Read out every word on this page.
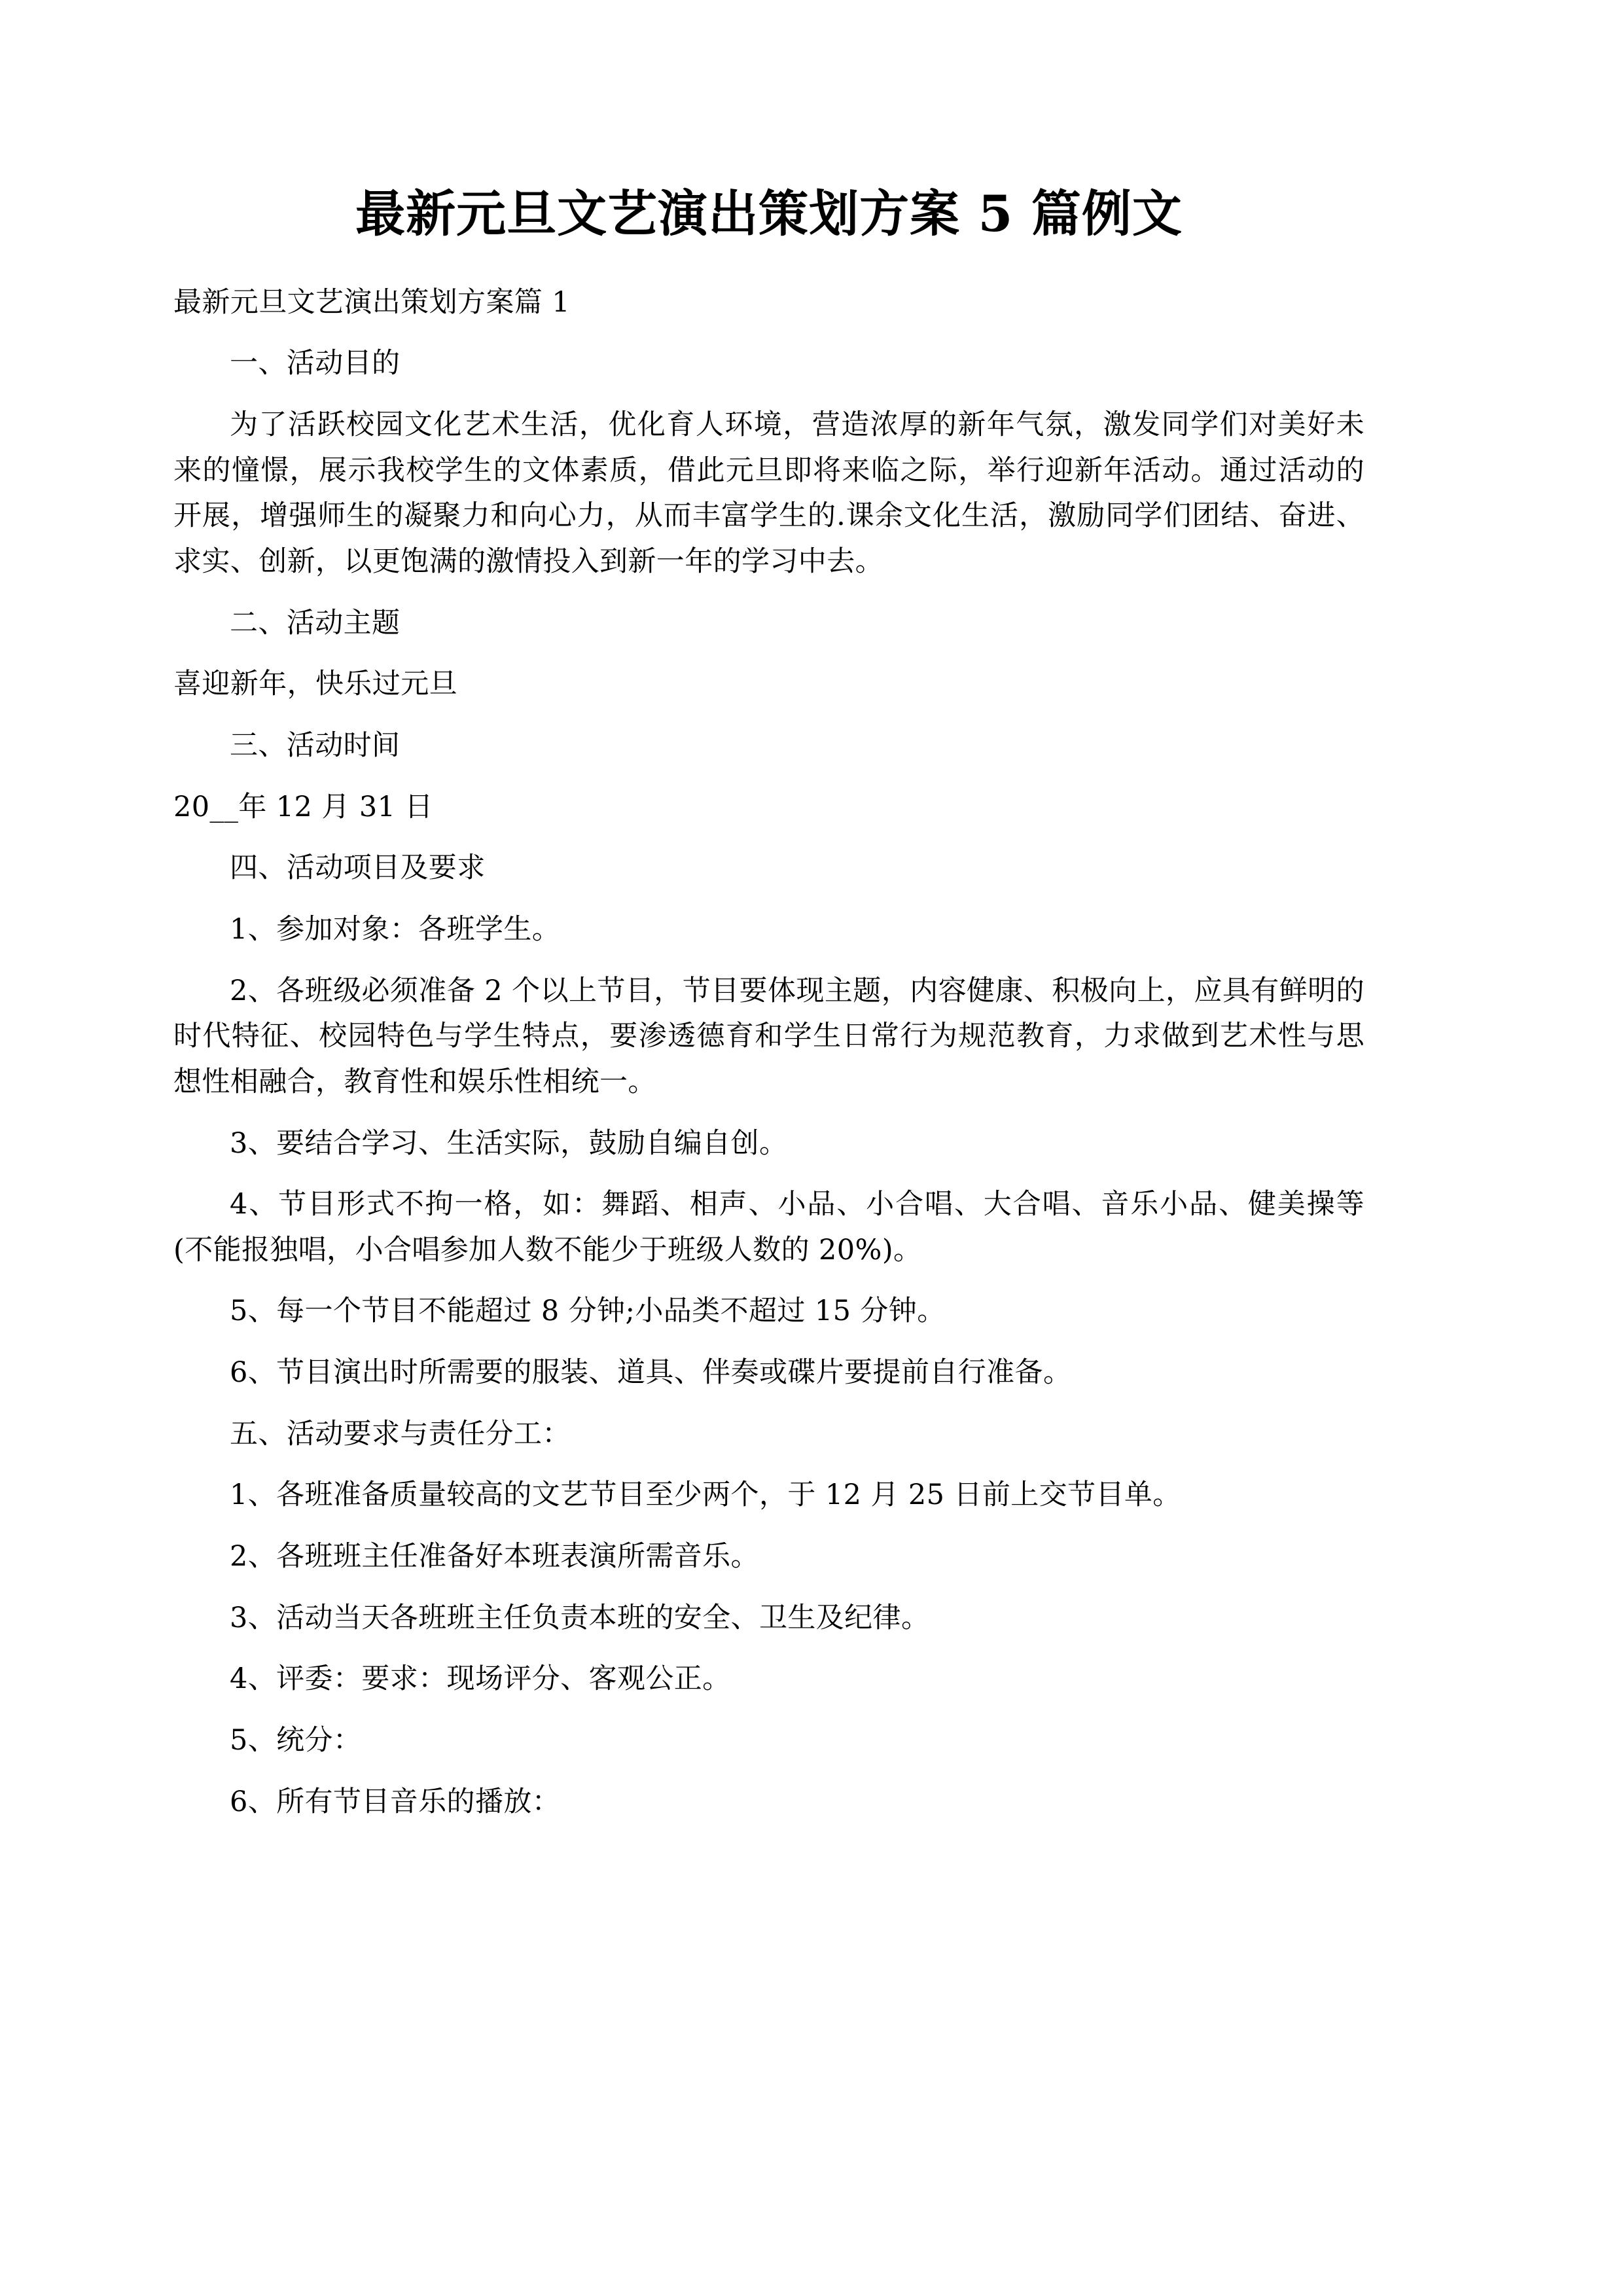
最新元旦文艺演出策划方案 5 篇例文

最新元旦文艺演出策划方案篇 1

一、活动目的

为了活跃校园文化艺术生活，优化育人环境，营造浓厚的新年气氛，激发同学们对美好未来的憧憬，展示我校学生的文体素质，借此元旦即将来临之际，举行迎新年活动。通过活动的开展，增强师生的凝聚力和向心力，从而丰富学生的.课余文化生活，激励同学们团结、奋进、求实、创新，以更饱满的激情投入到新一年的学习中去。

二、活动主题

喜迎新年，快乐过元旦

三、活动时间

20__年 12 月 31 日

四、活动项目及要求

1、参加对象：各班学生。

2、各班级必须准备 2 个以上节目，节目要体现主题，内容健康、积极向上，应具有鲜明的时代特征、校园特色与学生特点，要渗透德育和学生日常行为规范教育，力求做到艺术性与思想性相融合，教育性和娱乐性相统一。

3、要结合学习、生活实际，鼓励自编自创。

4、节目形式不拘一格，如：舞蹈、相声、小品、小合唱、大合唱、音乐小品、健美操等(不能报独唱，小合唱参加人数不能少于班级人数的 20%)。

5、每一个节目不能超过 8 分钟;小品类不超过 15 分钟。

6、节目演出时所需要的服装、道具、伴奏或碟片要提前自行准备。

五、活动要求与责任分工：

1、各班准备质量较高的文艺节目至少两个，于 12 月 25 日前上交节目单。

2、各班班主任准备好本班表演所需音乐。

3、活动当天各班班主任负责本班的安全、卫生及纪律。

4、评委：要求：现场评分、客观公正。

5、统分：

6、所有节目音乐的播放：
